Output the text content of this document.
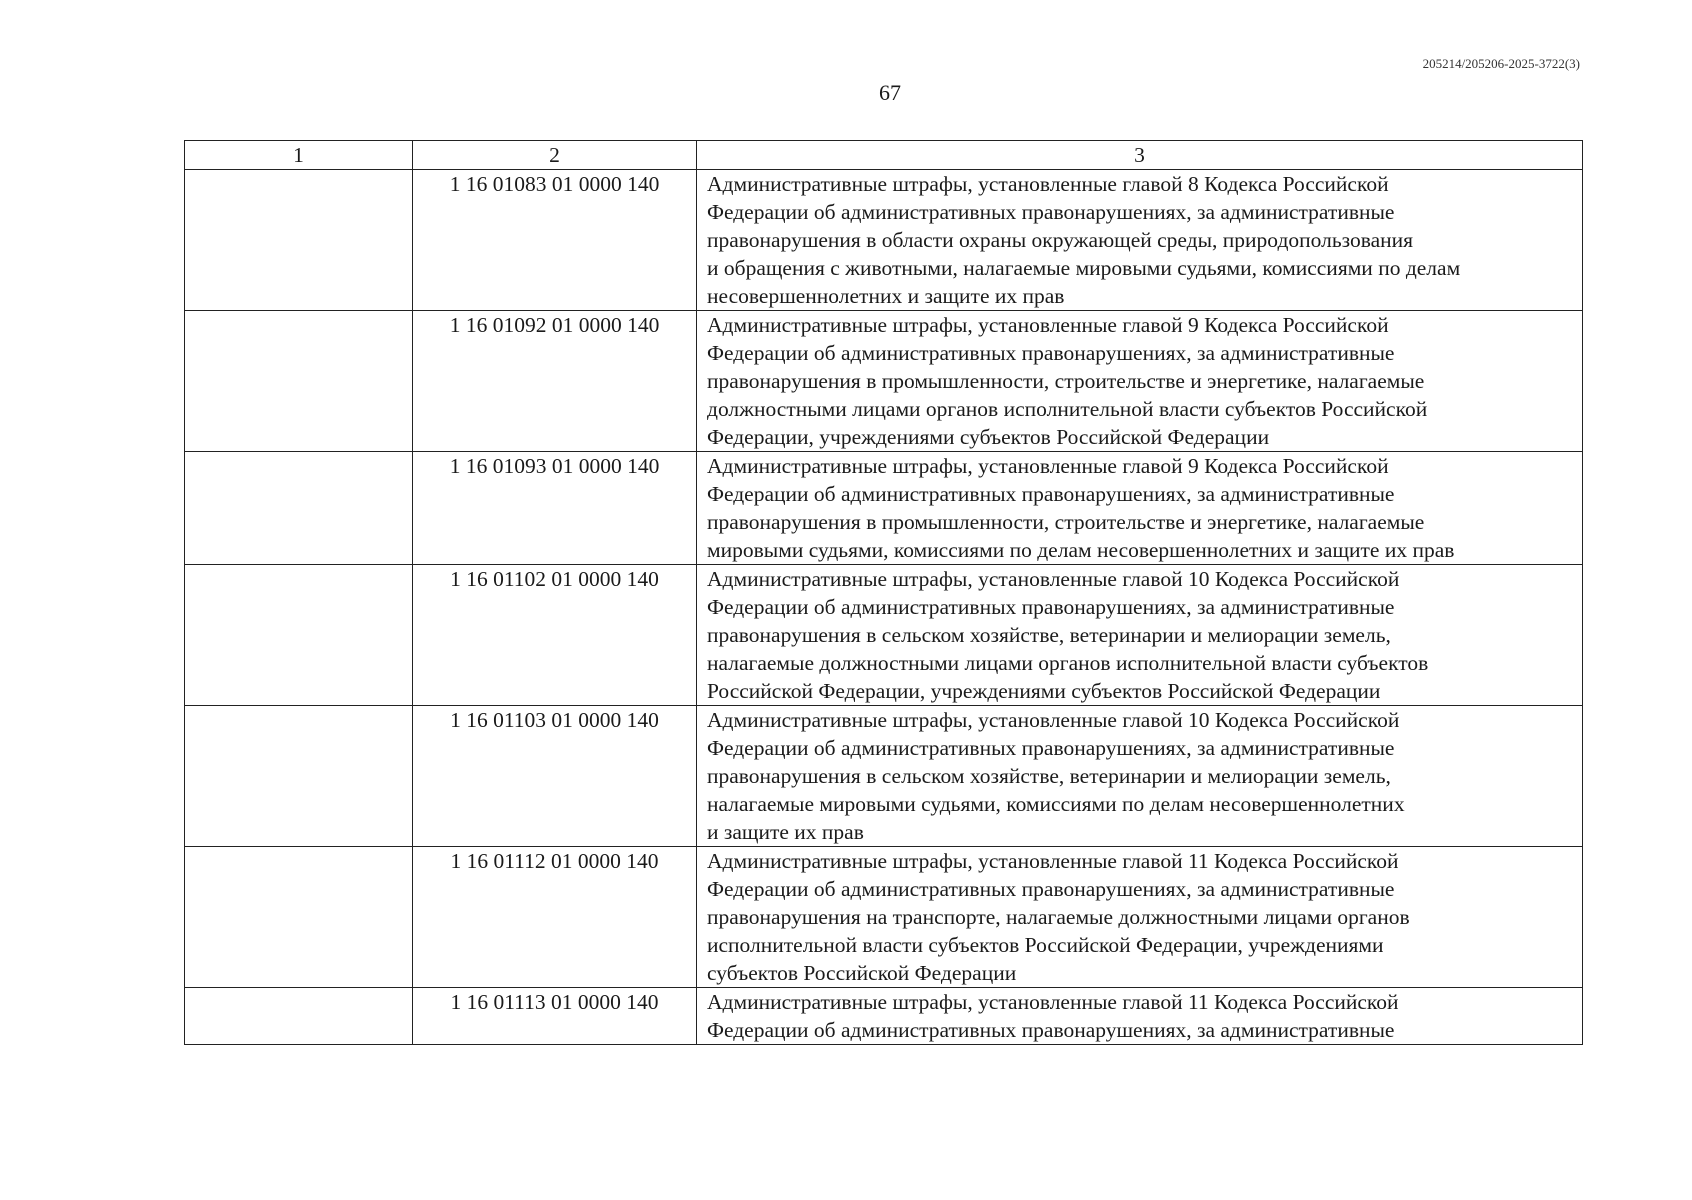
205214/205206-2025-3722(3)
67
1	2	3
	1 16 01083 01 0000 140	Административные штрафы, установленные главой 8 Кодекса Российской
Федерации об административных правонарушениях, за административные
правонарушения в области охраны окружающей среды, природопользования
и обращения с животными, налагаемые мировыми судьями, комиссиями по делам
несовершеннолетних и защите их прав

	1 16 01092 01 0000 140	Административные штрафы, установленные главой 9 Кодекса Российской
Федерации об административных правонарушениях, за административные
правонарушения в промышленности, строительстве и энергетике, налагаемые
должностными лицами органов исполнительной власти субъектов Российской
Федерации, учреждениями субъектов Российской Федерации

	1 16 01093 01 0000 140	Административные штрафы, установленные главой 9 Кодекса Российской
Федерации об административных правонарушениях, за административные
правонарушения в промышленности, строительстве и энергетике, налагаемые
мировыми судьями, комиссиями по делам несовершеннолетних и защите их прав

	1 16 01102 01 0000 140	Административные штрафы, установленные главой 10 Кодекса Российской
Федерации об административных правонарушениях, за административные
правонарушения в сельском хозяйстве, ветеринарии и мелиорации земель,
налагаемые должностными лицами органов исполнительной власти субъектов
Российской Федерации, учреждениями субъектов Российской Федерации

	1 16 01103 01 0000 140	Административные штрафы, установленные главой 10 Кодекса Российской
Федерации об административных правонарушениях, за административные
правонарушения в сельском хозяйстве, ветеринарии и мелиорации земель,
налагаемые мировыми судьями, комиссиями по делам несовершеннолетних
и защите их прав

	1 16 01112 01 0000 140	Административные штрафы, установленные главой 11 Кодекса Российской
Федерации об административных правонарушениях, за административные
правонарушения на транспорте, налагаемые должностными лицами органов
исполнительной власти субъектов Российской Федерации, учреждениями
субъектов Российской Федерации

	1 16 01113 01 0000 140	Административные штрафы, установленные главой 11 Кодекса Российской
Федерации об административных правонарушениях, за административные
